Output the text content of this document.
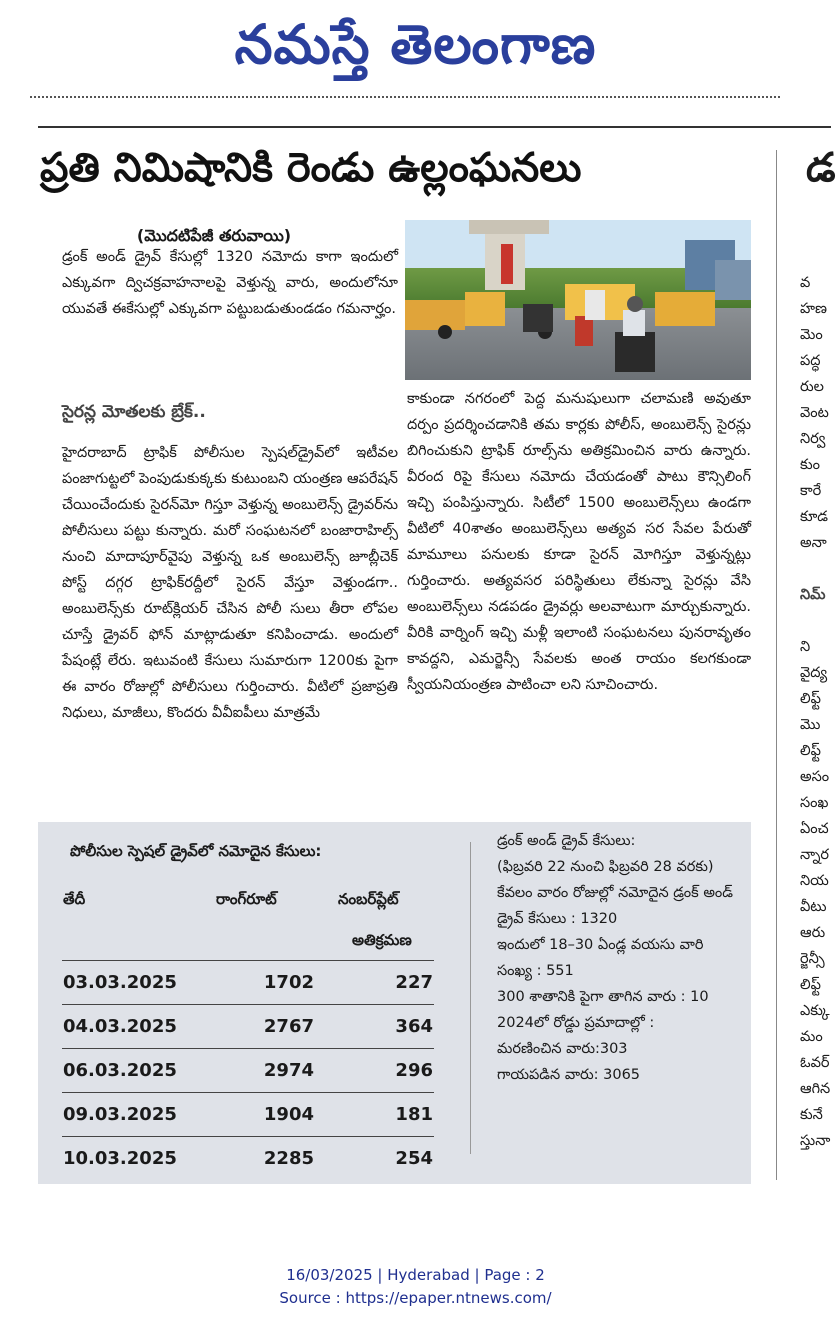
నమస్తే తెలంగాణ
ప్రతి నిమిషానికి రెండు ఉల్లంఘనలు
(మొదటిపేజీ తరువాయి)

డ్రంక్ అండ్ డ్రైవ్ కేసుల్లో 1320 నమోదు కాగా ఇందులో ఎక్కువగా ద్విచక్రవాహనాలపై వెళ్తున్న వారు, అందులోనూ యువతే ఈకేసుల్లో ఎక్కువగా పట్టుబడుతుండడం గమనార్హం.

సైరన్ల మోతలకు బ్రేక్..

హైదరాబాద్ ట్రాఫిక్ పోలీసుల స్పెషల్‌డ్రైవ్‌లో ఇటీవల పంజాగుట్టలో పెంపుడుకుక్కకు కుటుంబని యంత్రణ ఆపరేషన్ చేయించేందుకు సైరన్‌మో గిస్తూ వెళ్తున్న అంబులెన్స్ డ్రైవర్‌ను పోలీసులు పట్టు కున్నారు. మరో సంఘటనలో బంజారాహిల్స్ నుంచి మాదాపూర్‌వైపు వెళ్తున్న ఒక అంబులెన్స్ జూబ్లీచెక్ పోస్ట్ దగ్గర ట్రాఫిక్‌రద్దీలో సైరన్ వేస్తూ వెళ్తుండగా.. అంబులెన్స్‌కు రూట్‌క్లియర్ చేసిన పోలీ సులు తీరా లోపల చూస్తే డ్రైవర్ ఫోన్ మాట్లాడుతూ కనిపించాడు. అందులో పేషంట్లే లేరు. ఇటువంటి కేసులు సుమారుగా 1200కు పైగా ఈ వారం రోజుల్లో పోలీసులు గుర్తించారు. వీటిలో ప్రజాప్రతి నిధులు, మాజీలు, కొందరు వీవీఐపీలు మాత్రమే

కాకుండా నగరంలో పెద్ద మనుషులుగా చలామణి అవుతూ దర్పం ప్రదర్శించడానికి తమ కార్లకు పోలీస్, అంబులెన్స్ సైరన్లు బిగించుకుని ట్రాఫిక్ రూల్స్‌ను అతిక్రమించిన వారు ఉన్నారు. వీరంద రిపై కేసులు నమోదు చేయడంతో పాటు కౌన్సిలింగ్ ఇచ్చి పంపిస్తున్నారు. సిటీలో 1500 అంబులెన్స్‌లు ఉండగా వీటిలో 40శాతం అంబులెన్స్‌లు అత్యవ సర సేవల పేరుతో మామూలు పనులకు కూడా సైరన్ మోగిస్తూ వెళ్తున్నట్లు గుర్తించారు. అత్యవసర పరిస్థితులు లేకున్నా సైరన్లు వేసి అంబులెన్స్‌లు నడపడం డ్రైవర్లు అలవాటుగా మార్చుకున్నారు. వీరికి వార్నింగ్ ఇచ్చి మళ్లీ ఇలాంటి సంఘటనలు పునరావృతం కావద్దని, ఎమర్జెన్సీ సేవలకు అంత రాయం కలగకుండా స్వీయనియంత్రణ పాటించా లని సూచించారు.

పోలీసుల స్పెషల్ డ్రైవ్‌లో నమోదైన కేసులు:
తేదీ	రాంగ్‌రూట్	నంబర్‌ప్లేట్
అతిక్రమణ
03.03.2025	1702	227
04.03.2025	2767	364
06.03.2025	2974	296
09.03.2025	1904	181
10.03.2025	2285	254
డ్రంక్ అండ్ డ్రైవ్ కేసులు:
(ఫిబ్రవరి 22 నుంచి ఫిబ్రవరి 28 వరకు)
కేవలం వారం రోజుల్లో నమోదైన డ్రంక్ అండ్ డ్రైవ్ కేసులు : 1320
ఇందులో 18–30 ఏండ్ల వయసు వారి సంఖ్య : 551
300 శాతానికి పైగా తాగిన వారు : 10
2024లో రోడ్డు ప్రమాదాల్లో :
మరణించిన వారు:303
గాయపడిన వారు: 3065
డ
వ
హణ
మెం
పద్ధ
రుల
వెంట
నిర్వ
కుం
కారే
కూడ
అనా
నిమ్
ని
వైద్య
లిఫ్ట్
మొ
లిఫ్ట్
అసం
సంఖ
ఏంచ
న్నార
నియ
వీటు
ఆరు
ర్జెన్సీ
లిఫ్ట్
ఎక్కు
మం
ఓవర్
ఆగిన
కునే
స్తునా
16/03/2025 | Hyderabad | Page : 2
Source : https://epaper.ntnews.com/
